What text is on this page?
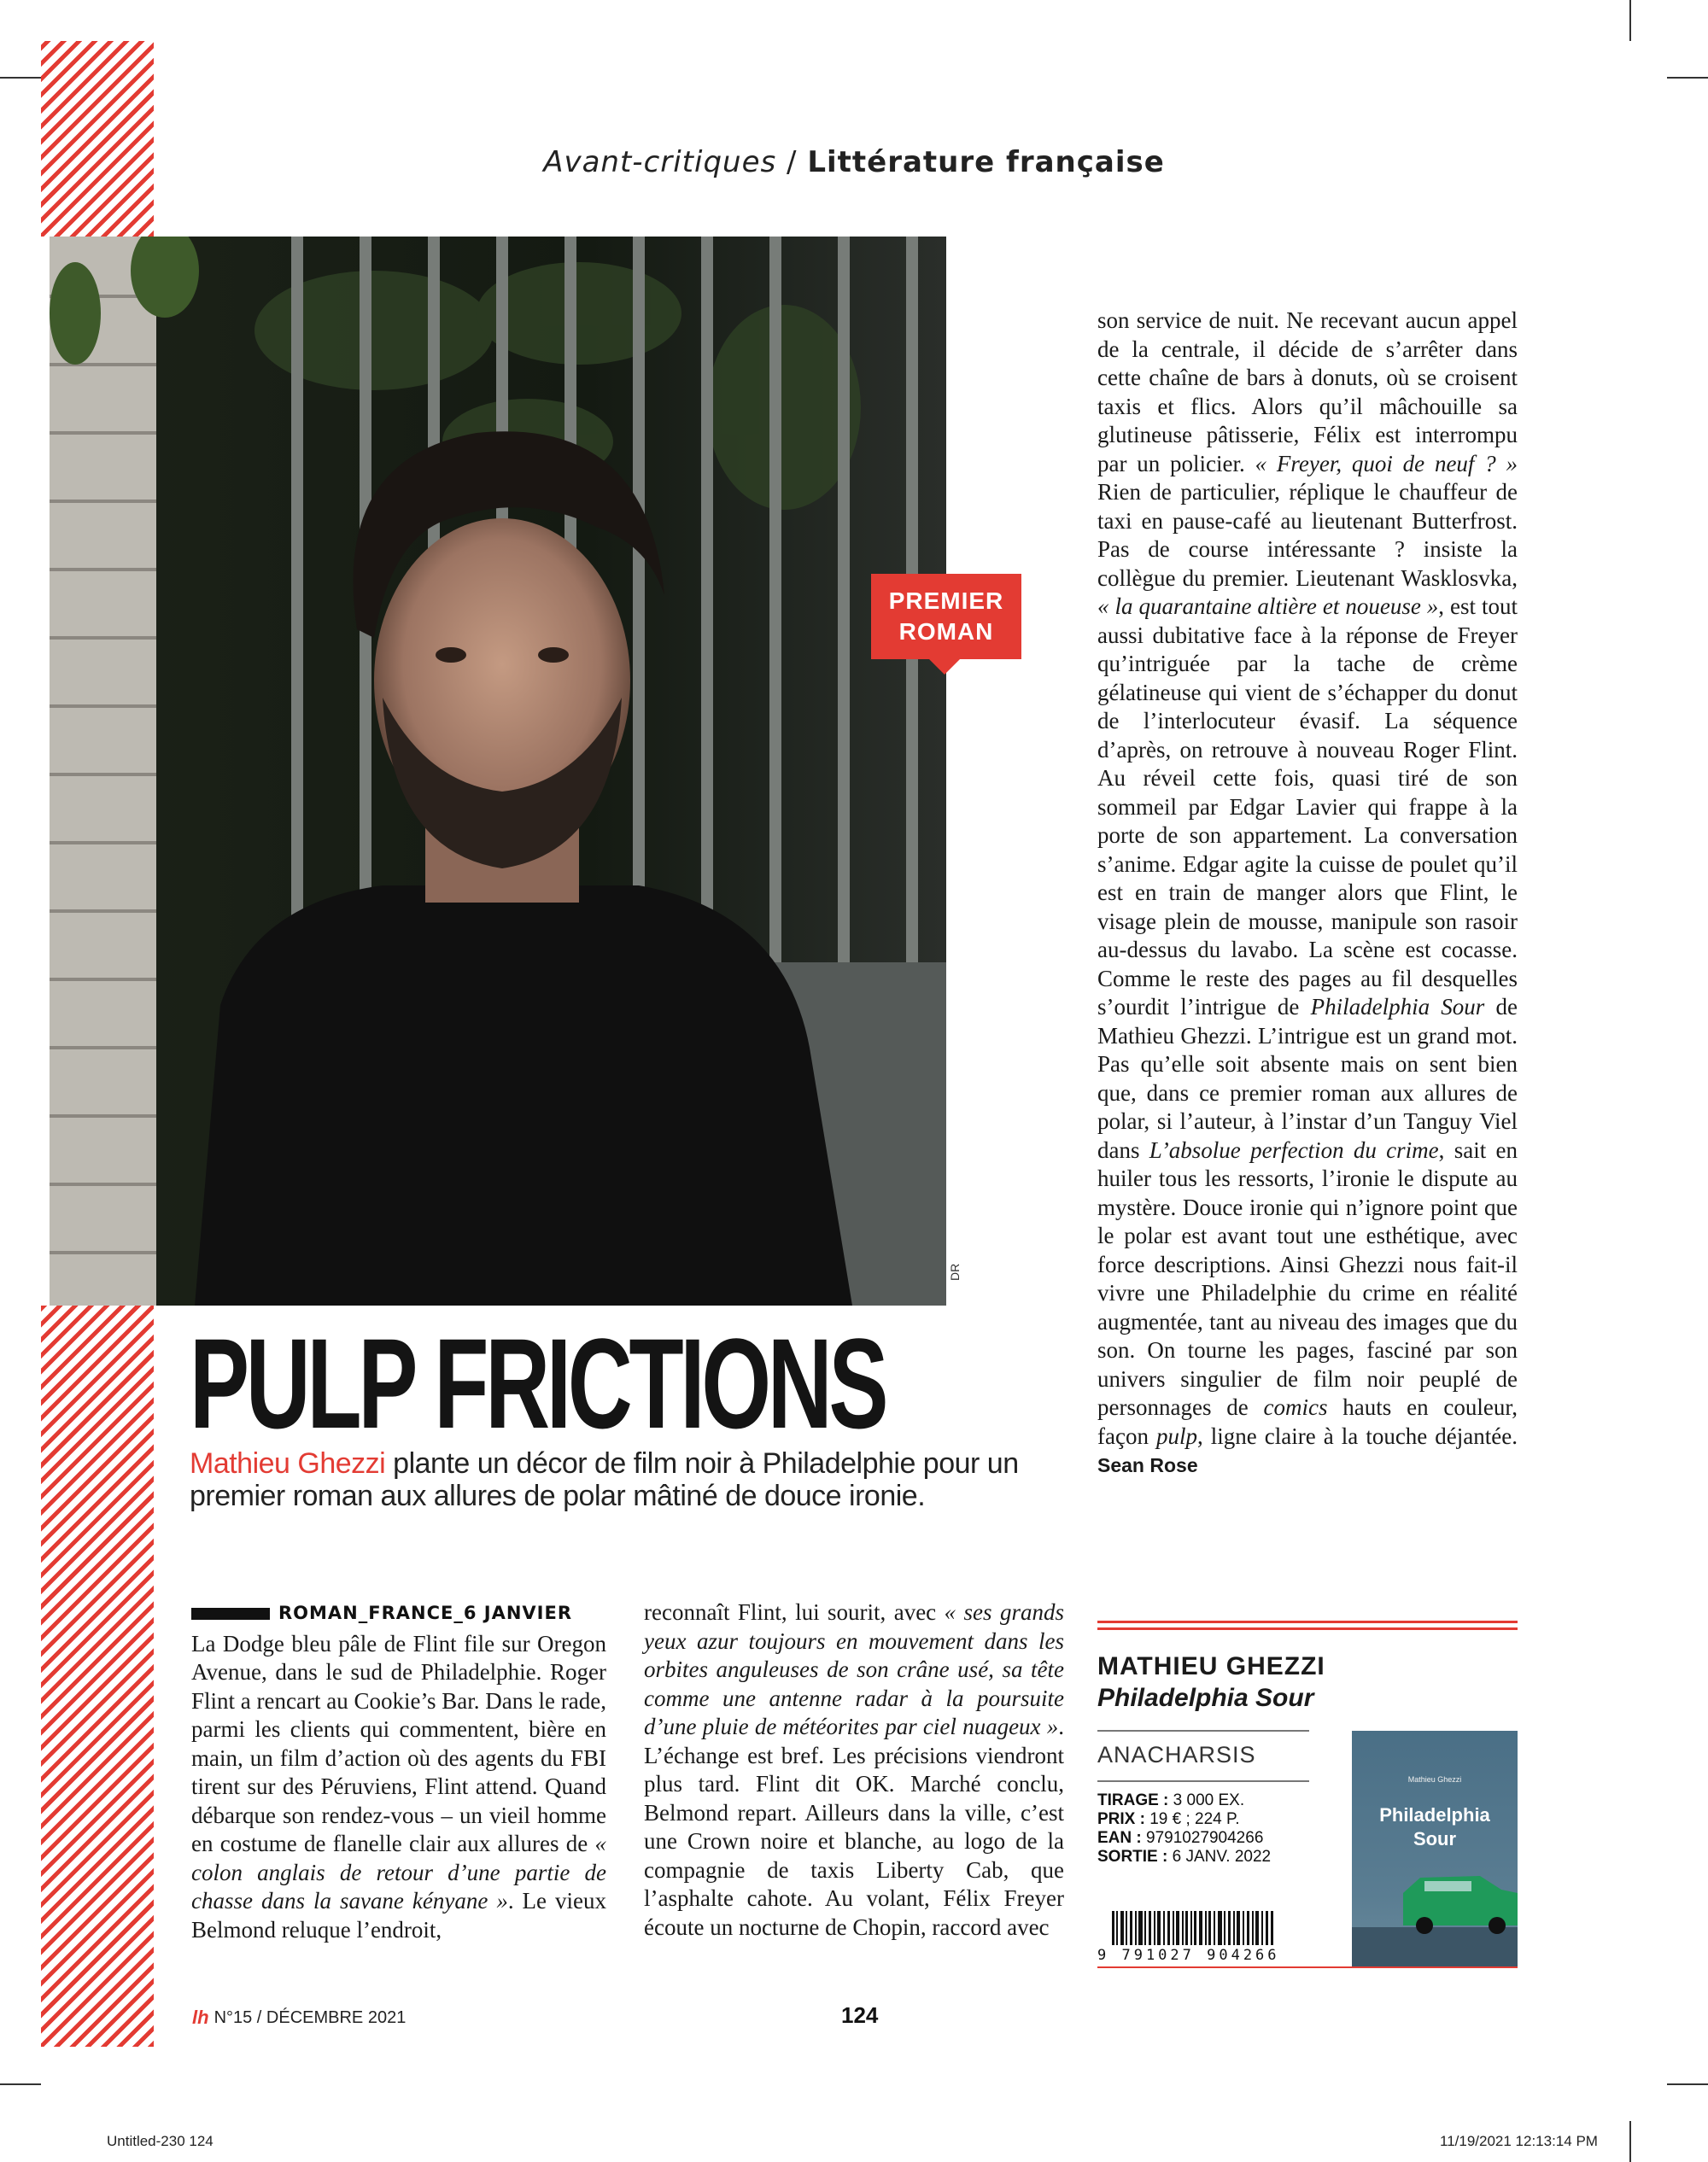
Avant-critiques / Littérature française
DR
PREMIER
ROMAN
PULP FRICTIONS
Mathieu Ghezzi plante un décor de film noir à Philadelphie pour un premier roman aux allures de polar mâtiné de douce ironie.
ROMAN_FRANCE_6 JANVIER
La Dodge bleu pâle de Flint file sur Oregon Avenue, dans le sud de Philadelphie. Roger Flint a rencart au Cookie’s Bar. Dans le rade, parmi les clients qui commentent, bière en main, un film d’action où des agents du FBI tirent sur des Péruviens, Flint attend. Quand débarque son rendez-vous – un vieil homme en costume de flanelle clair aux allures de « colon anglais de retour d’une partie de chasse dans la savane kényane ». Le vieux Belmond reluque l’endroit,
reconnaît Flint, lui sourit, avec « ses grands yeux azur toujours en mouvement dans les orbites anguleuses de son crâne usé, sa tête comme une antenne radar à la poursuite d’une pluie de météorites par ciel nuageux ». L’échange est bref. Les précisions viendront plus tard. Flint dit OK. Marché conclu, Belmond repart. Ailleurs dans la ville, c’est une Crown noire et blanche, au logo de la compagnie de taxis Liberty Cab, que l’asphalte cahote. Au volant, Félix Freyer écoute un nocturne de Chopin, raccord avec
son service de nuit. Ne recevant aucun appel de la centrale, il décide de s’arrêter dans cette chaîne de bars à donuts, où se croisent taxis et flics. Alors qu’il mâchouille sa glutineuse pâtisserie, Félix est interrompu par un policier. « Freyer, quoi de neuf ? » Rien de particulier, réplique le chauffeur de taxi en pause-café au lieutenant Butterfrost. Pas de course intéressante ? insiste la collègue du premier. Lieutenant Wasklosvka, « la quarantaine altière et noueuse », est tout aussi dubitative face à la réponse de Freyer qu’intriguée par la tache de crème gélatineuse qui vient de s’échapper du donut de l’interlocuteur évasif. La séquence d’après, on retrouve à nouveau Roger Flint. Au réveil cette fois, quasi tiré de son sommeil par Edgar Lavier qui frappe à la porte de son appartement. La conversation s’anime. Edgar agite la cuisse de poulet qu’il est en train de manger alors que Flint, le visage plein de mousse, manipule son rasoir au-dessus du lavabo. La scène est cocasse. Comme le reste des pages au fil desquelles s’ourdit l’intrigue de Philadelphia Sour de Mathieu Ghezzi. L’intrigue est un grand mot. Pas qu’elle soit absente mais on sent bien que, dans ce premier roman aux allures de polar, si l’auteur, à l’instar d’un Tanguy Viel dans L’absolue perfection du crime, sait en huiler tous les ressorts, l’ironie le dispute au mystère. Douce ironie qui n’ignore point que le polar est avant tout une esthétique, avec force descriptions. Ainsi Ghezzi nous fait-il vivre une Philadelphie du crime en réalité augmentée, tant au niveau des images que du son. On tourne les pages, fasciné par son univers singulier de film noir peuplé de personnages de comics hauts en couleur, façon pulp, ligne claire à la touche déjantée. Sean Rose
MATHIEU GHEZZI
Philadelphia Sour
ANACHARSIS
TIRAGE : 3 000 EX.
PRIX : 19 € ; 224 P.
EAN : 9791027904266
SORTIE : 6 JANV. 2022
9 791027 904266
Mathieu Ghezzi
Philadelphia
Sour
lh N°15 / DÉCEMBRE 2021	124
Untitled-230 124	11/19/2021 12:13:14 PM
